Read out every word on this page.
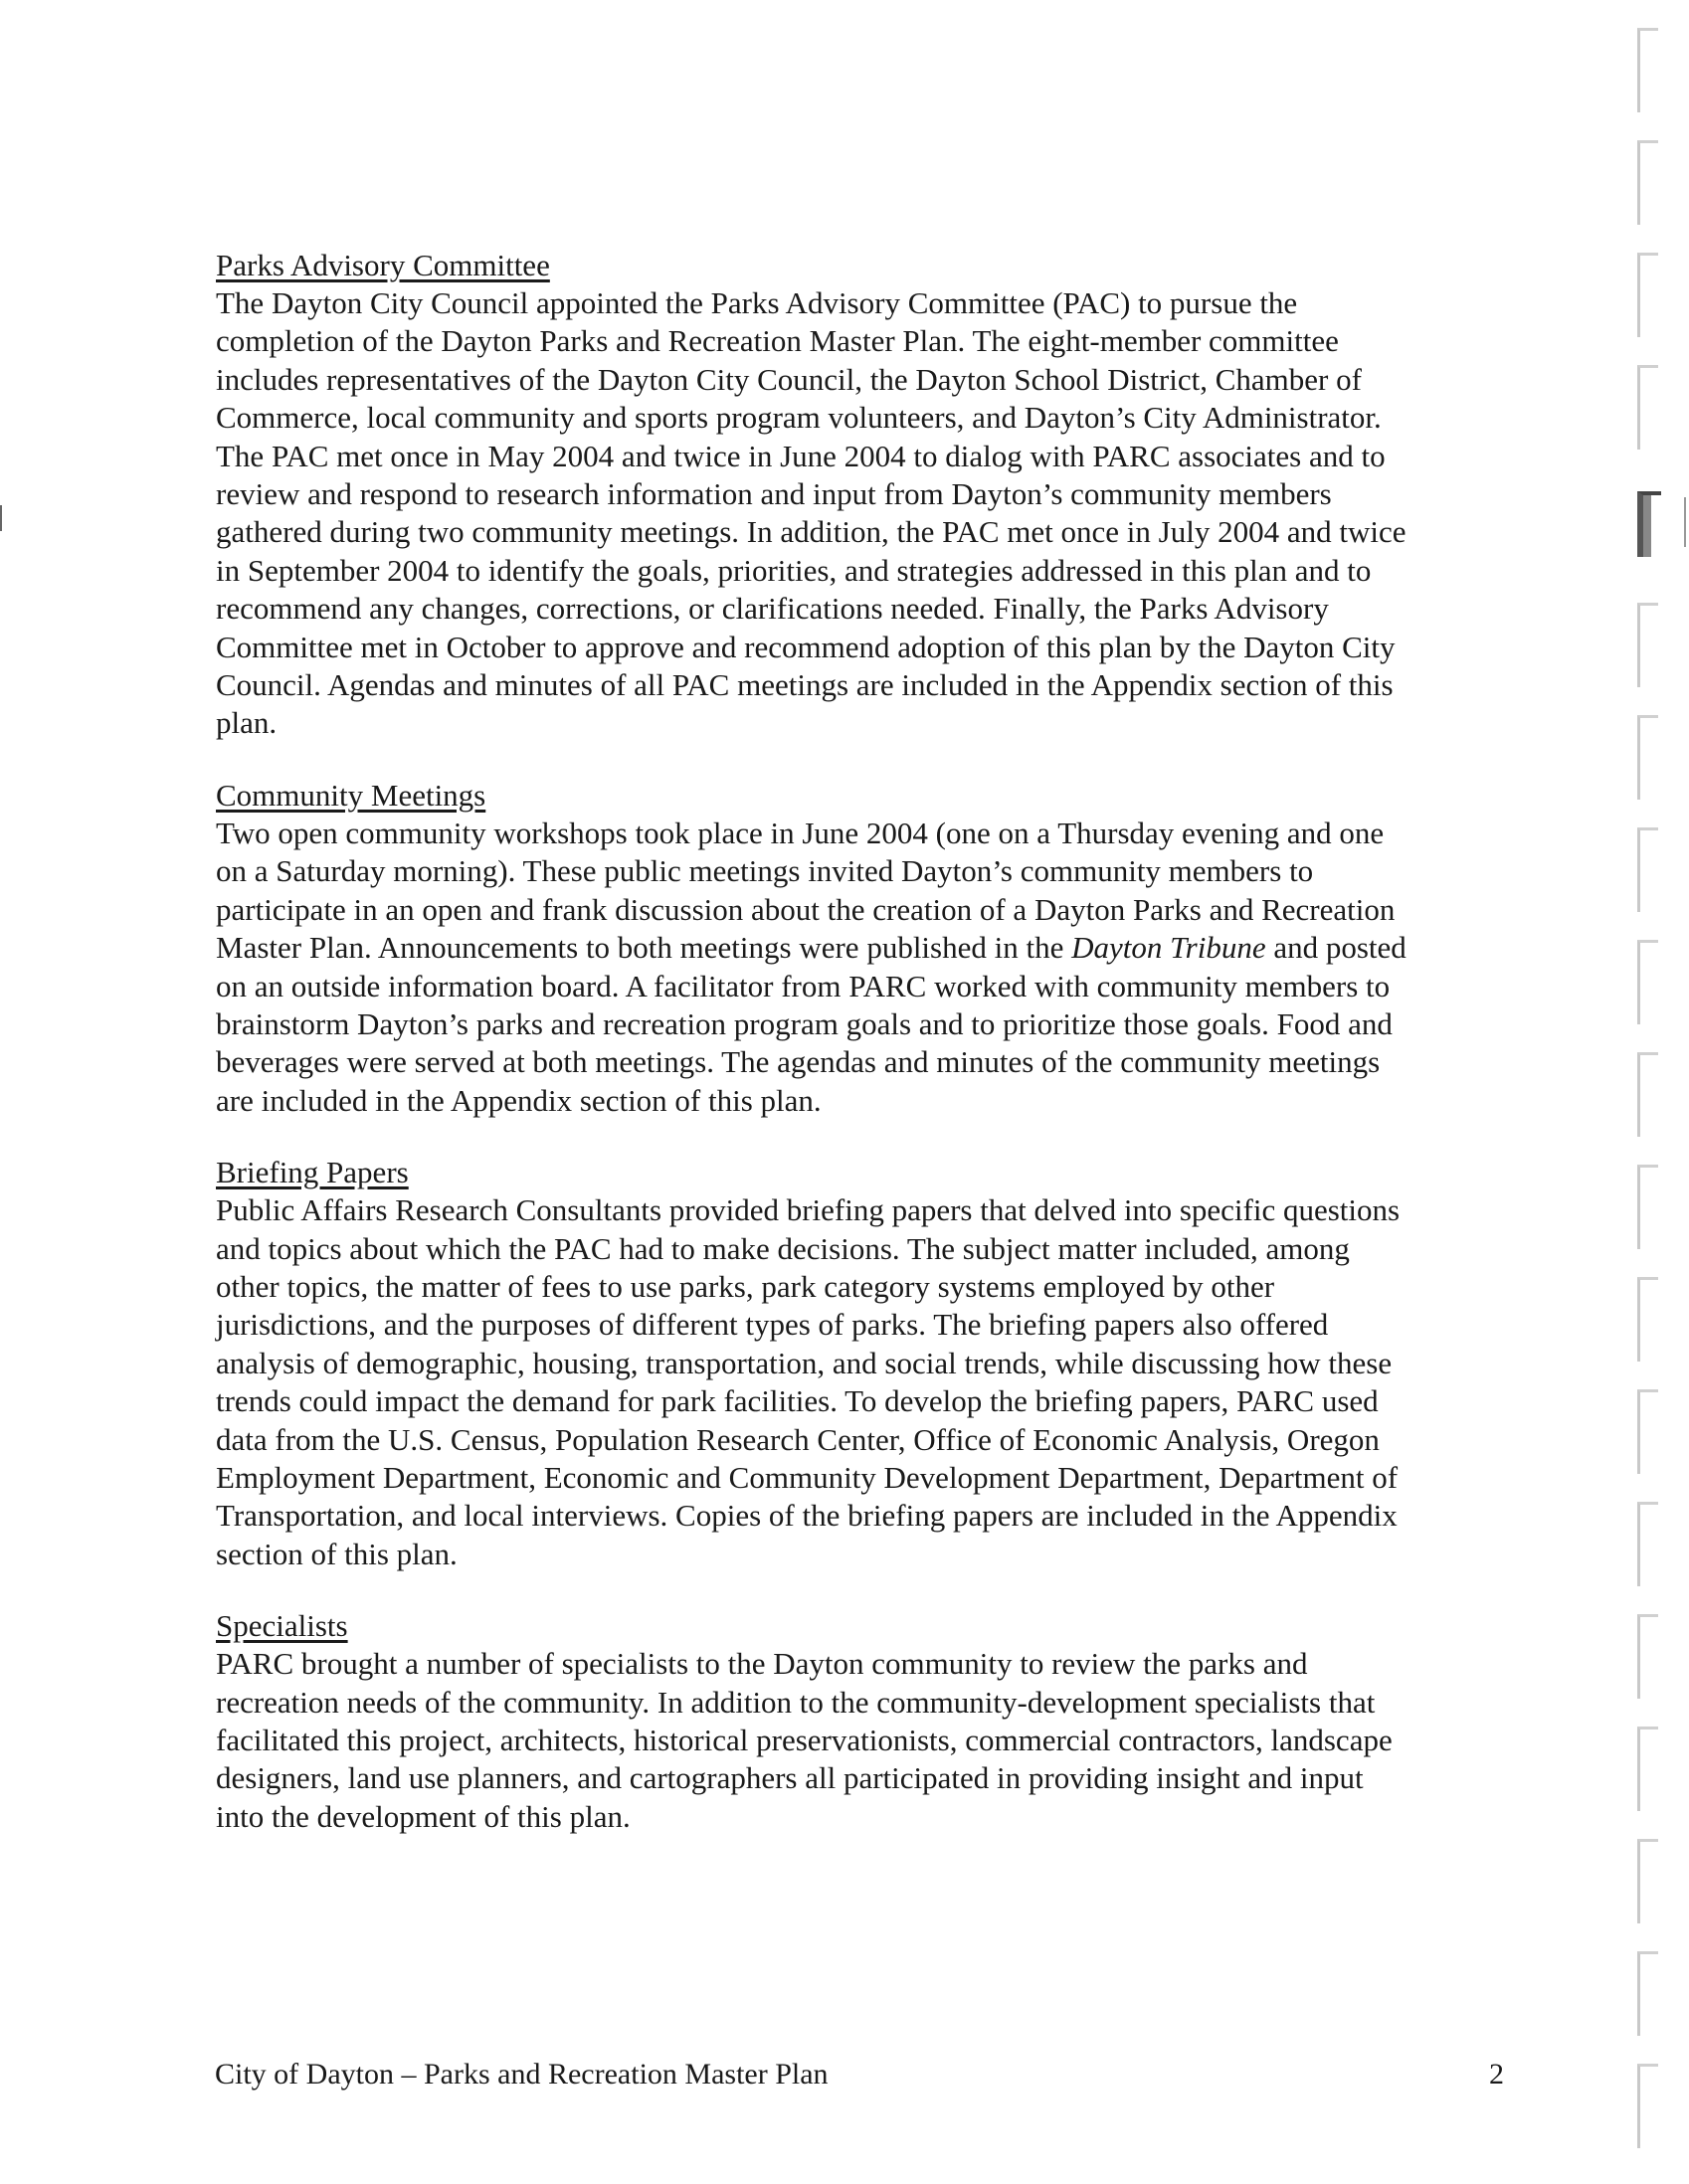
Parks Advisory Committee

The Dayton City Council appointed the Parks Advisory Committee (PAC) to pursue the
completion of the Dayton Parks and Recreation Master Plan. The eight-member committee
includes representatives of the Dayton City Council, the Dayton School District, Chamber of
Commerce, local community and sports program volunteers, and Dayton’s City Administrator.
The PAC met once in May 2004 and twice in June 2004 to dialog with PARC associates and to
review and respond to research information and input from Dayton’s community members
gathered during two community meetings. In addition, the PAC met once in July 2004 and twice
in September 2004 to identify the goals, priorities, and strategies addressed in this plan and to
recommend any changes, corrections, or clarifications needed. Finally, the Parks Advisory
Committee met in October to approve and recommend adoption of this plan by the Dayton City
Council. Agendas and minutes of all PAC meetings are included in the Appendix section of this
plan.

Community Meetings

Two open community workshops took place in June 2004 (one on a Thursday evening and one
on a Saturday morning). These public meetings invited Dayton’s community members to
participate in an open and frank discussion about the creation of a Dayton Parks and Recreation
Master Plan. Announcements to both meetings were published in the Dayton Tribune and posted
on an outside information board. A facilitator from PARC worked with community members to
brainstorm Dayton’s parks and recreation program goals and to prioritize those goals. Food and
beverages were served at both meetings. The agendas and minutes of the community meetings
are included in the Appendix section of this plan.

Briefing Papers

Public Affairs Research Consultants provided briefing papers that delved into specific questions
and topics about which the PAC had to make decisions. The subject matter included, among
other topics, the matter of fees to use parks, park category systems employed by other
jurisdictions, and the purposes of different types of parks. The briefing papers also offered
analysis of demographic, housing, transportation, and social trends, while discussing how these
trends could impact the demand for park facilities. To develop the briefing papers, PARC used
data from the U.S. Census, Population Research Center, Office of Economic Analysis, Oregon
Employment Department, Economic and Community Development Department, Department of
Transportation, and local interviews. Copies of the briefing papers are included in the Appendix
section of this plan.

Specialists

PARC brought a number of specialists to the Dayton community to review the parks and
recreation needs of the community. In addition to the community-development specialists that
facilitated this project, architects, historical preservationists, commercial contractors, landscape
designers, land use planners, and cartographers all participated in providing insight and input
into the development of this plan.

City of Dayton – Parks and Recreation Master Plan	2
